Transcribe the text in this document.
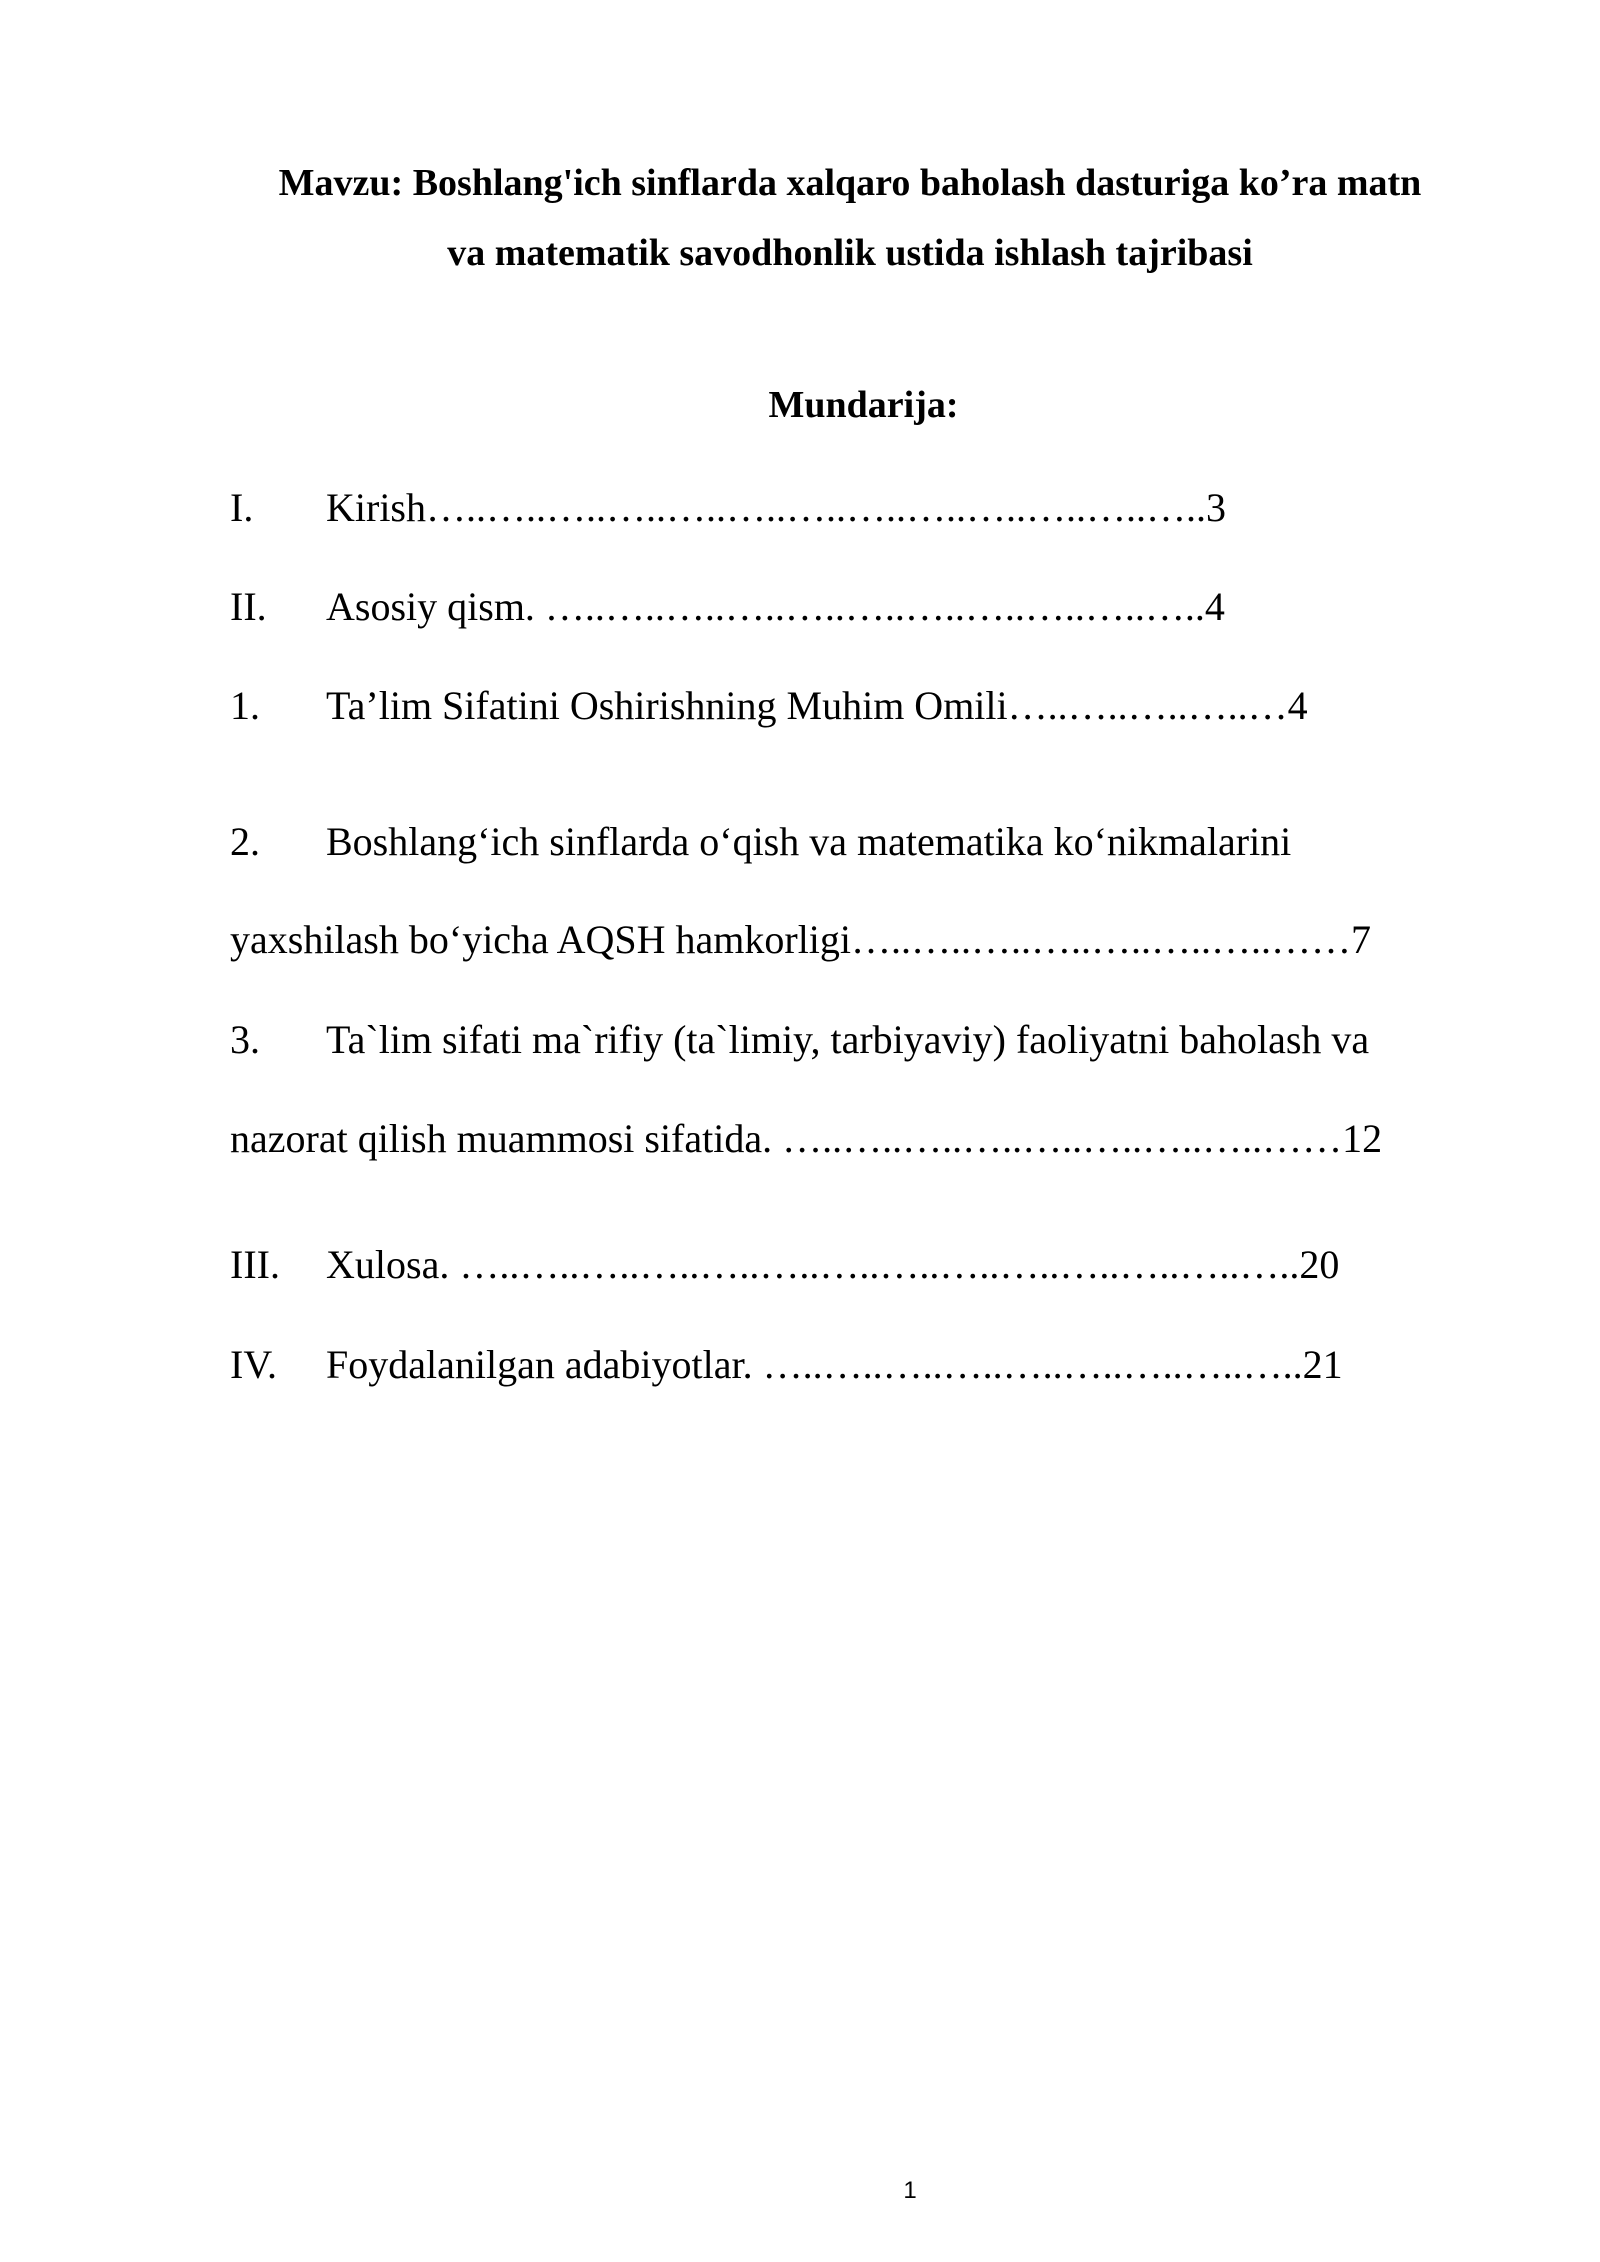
Mavzu: Boshlang'ich sinflarda xalqaro baholash dasturiga ko’ra matn
va matematik savodhonlik ustida ishlash tajribasi
Mundarija:
I. Kirish…..…..…..…..…..…..…..…..…..…..…..…..…..3
II. Asosiy qism. …..…..…..…..…..…..…..…..…..…..…..4
1. Ta’lim Sifatini Oshirishning Muhim Omili…..…..…..…..…4
2. Boshlang‘ich sinflarda o‘qish va matematika ko‘nikmalarini
yaxshilash bo‘yicha AQSH hamkorligi…..…..…..…..…..…..…..……7
3. Ta`lim sifati ma`rifiy (ta`limiy, tarbiyaviy) faoliyatni baholash va
nazorat qilish muammosi sifatida. …..…..…..…..…..…..…..…..……12
III. Xulosa. …..…..…..…..…..…..…..…..…..…..…..…..…..…..20
IV. Foydalanilgan adabiyotlar. …..…..…..…..…..…..…..…..…..21
1
